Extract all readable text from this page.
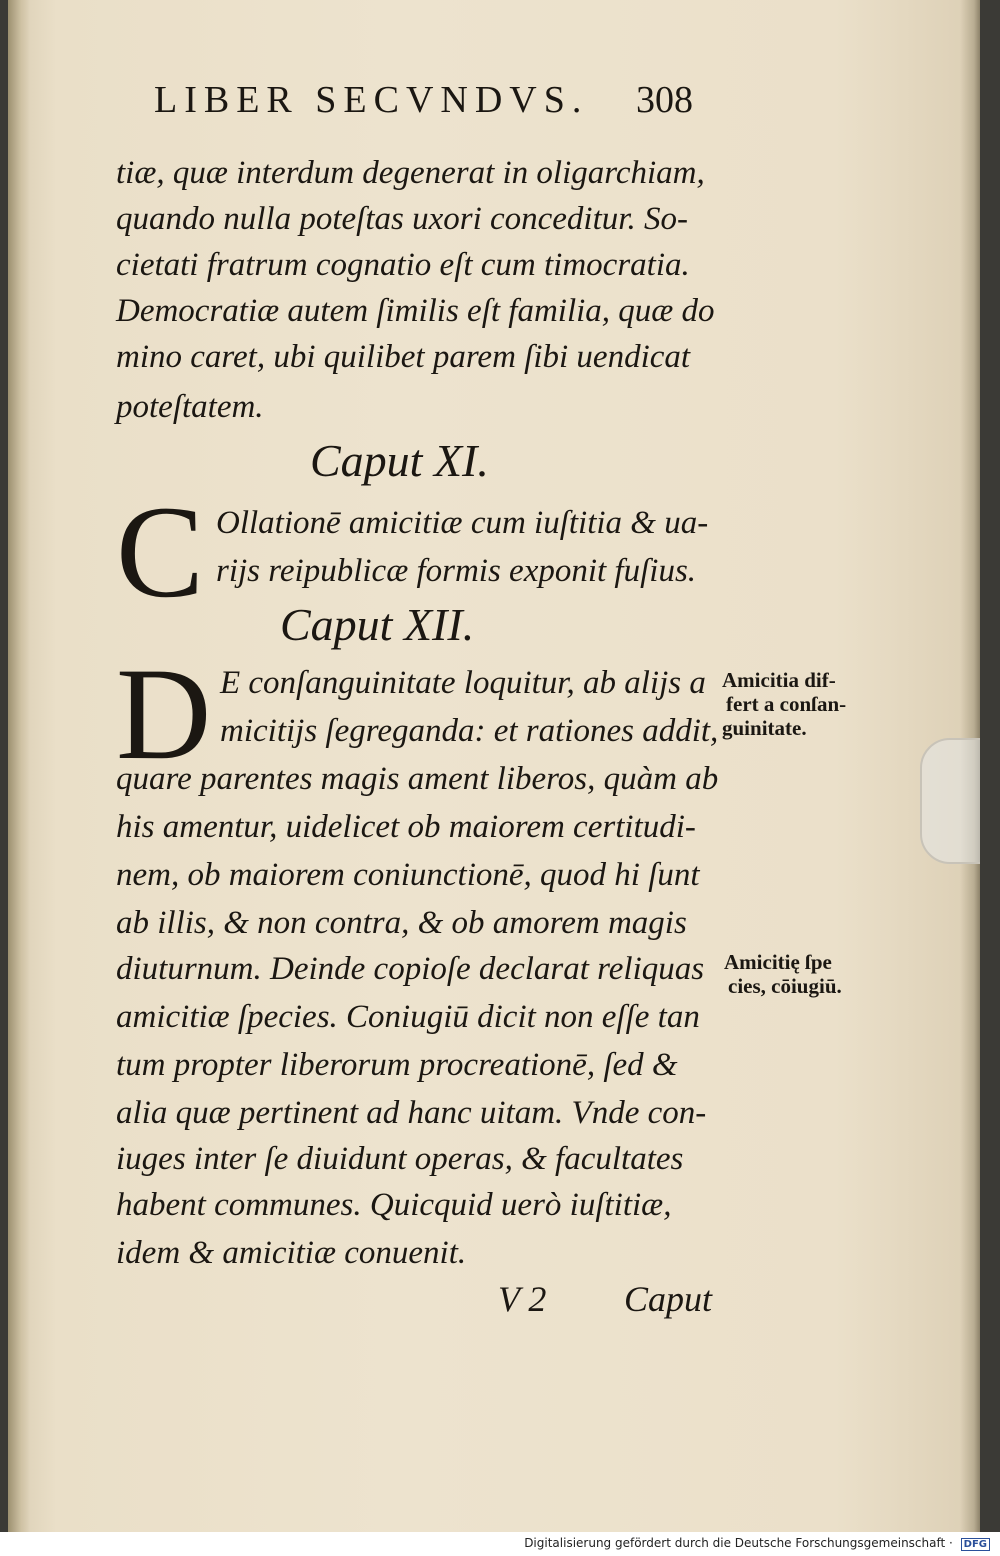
LIBER SECVNDVS. 308
tiæ, quæ interdum degenerat in oligarchiam,
quando nulla poteſtas uxori conceditur. So-
cietati fratrum cognatio eſt cum timocratia.
Democratiæ autem ſimilis eſt familia, quæ do
mino caret, ubi quilibet parem ſibi uendicat
poteſtatem.
Caput XI.
C Ollationē amicitiæ cum iuſtitia & ua-
rijs reipublicæ formis exponit fuſius.
Caput XII.
D E conſanguinitate loquitur, ab alijs a
micitijs ſegreganda: et rationes addit,
quare parentes magis ament liberos, quàm ab
his amentur, uidelicet ob maiorem certitudi-
nem, ob maiorem coniunctionē, quod hi ſunt
ab illis, & non contra, & ob amorem magis
diuturnum. Deinde copioſe declarat reliquas
amicitiæ ſpecies. Coniugiū dicit non eſſe tan
tum propter liberorum procreationē, ſed &
alia quæ pertinent ad hanc uitam. Vnde con-
iuges inter ſe diuidunt operas, & facultates
habent communes. Quicquid uerò iuſtitiæ,
idem & amicitiæ conuenit.
Amicitia dif-
fert a conſan-
guinitate.
Amicitię ſpe
cies, cōiugiū.
V 2 Caput
Digitalisierung gefördert durch die Deutsche Forschungsgemeinschaft · DFG
